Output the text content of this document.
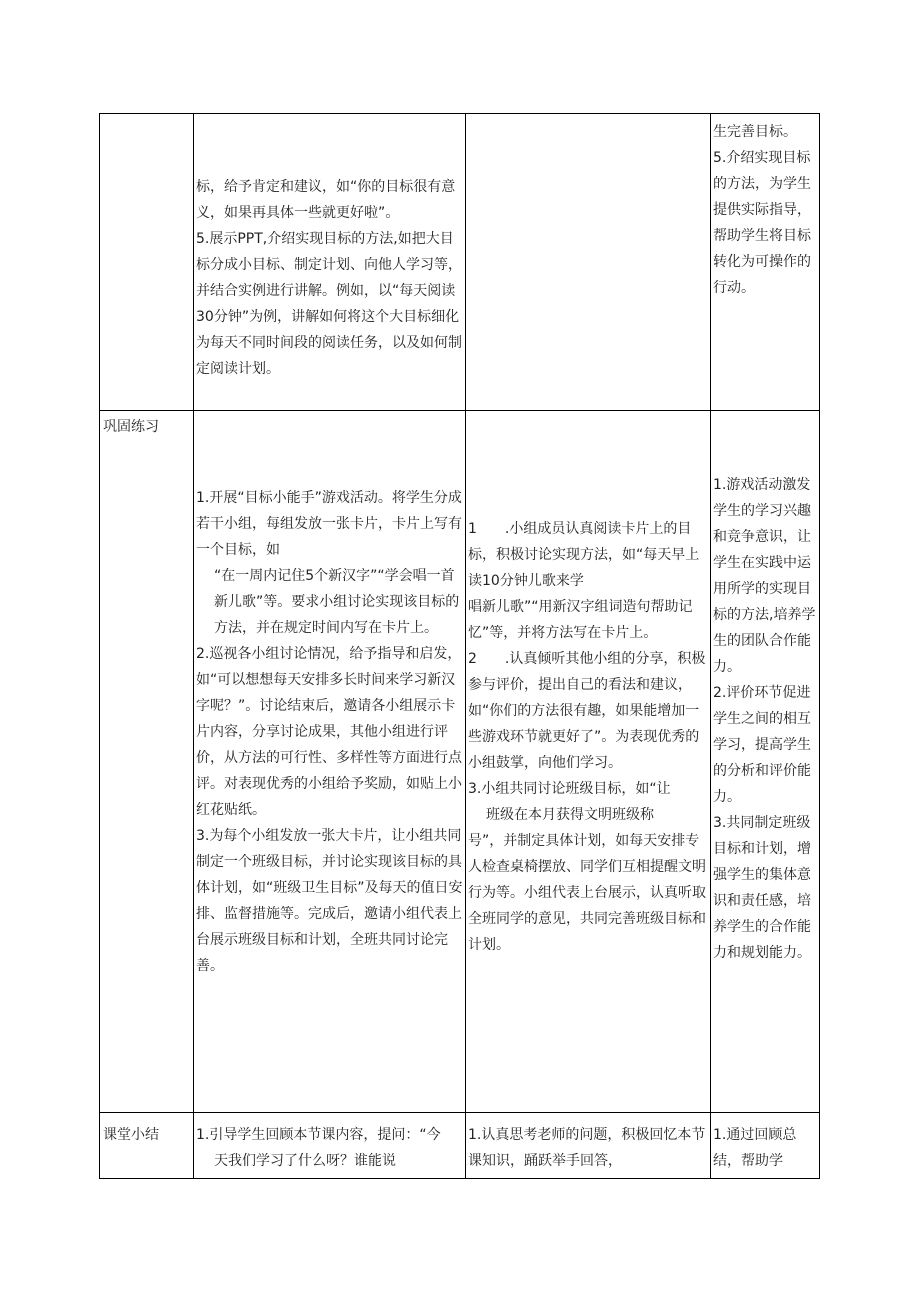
标，给予肯定和建议，如“你的目标很有意义，如果再具体一些就更好啦”。

5.展示PPT,介绍实现目标的方法,如把大目标分成小目标、制定计划、向他人学习等，并结合实例进行讲解。例如，以“每天阅读30分钟”为例，讲解如何将这个大目标细化为每天不同时间段的阅读任务，以及如何制定阅读计划。

生完善目标。

5.介绍实现目标的方法，为学生提供实际指导，帮助学生将目标转化为可操作的行动。

巩固练习

1.开展“目标小能手”游戏活动。将学生分成若干小组，每组发放一张卡片，卡片上写有一个目标，如

“在一周内记住5个新汉字”“学会唱一首新儿歌”等。要求小组讨论实现该目标的方法，并在规定时间内写在卡片上。

2.巡视各小组讨论情况，给予指导和启发，如“可以想想每天安排多长时间来学习新汉字呢？”。讨论结束后，邀请各小组展示卡片内容，分享讨论成果，其他小组进行评价，从方法的可行性、多样性等方面进行点评。对表现优秀的小组给予奖励，如贴上小红花贴纸。

3.为每个小组发放一张大卡片，让小组共同制定一个班级目标，并讨论实现该目标的具体计划，如“班级卫生目标”及每天的值日安排、监督措施等。完成后，邀请小组代表上台展示班级目标和计划，全班共同讨论完善。

1　　.小组成员认真阅读卡片上的目标，积极讨论实现方法，如“每天早上读10分钟儿歌来学

唱新儿歌”“用新汉字组词造句帮助记忆”等，并将方法写在卡片上。

2　　.认真倾听其他小组的分享，积极参与评价，提出自己的看法和建议，如“你们的方法很有趣，如果能增加一些游戏环节就更好了”。为表现优秀的小组鼓掌，向他们学习。

3.小组共同讨论班级目标，如“让

班级在本月获得文明班级称

号”，并制定具体计划，如每天安排专人检查桌椅摆放、同学们互相提醒文明行为等。小组代表上台展示，认真听取全班同学的意见，共同完善班级目标和计划。

1.游戏活动激发学生的学习兴趣和竞争意识，让学生在实践中运用所学的实现目标的方法,培养学生的团队合作能力。

2.评价环节促进学生之间的相互学习，提高学生的分析和评价能力。

3.共同制定班级目标和计划，增强学生的集体意识和责任感，培养学生的合作能力和规划能力。

课堂小结	1.引导学生回顾本节课内容，提问：“今

天我们学习了什么呀？谁能说

1.认真思考老师的问题，积极回忆本节课知识，踊跃举手回答，

1.通过回顾总结，帮助学
